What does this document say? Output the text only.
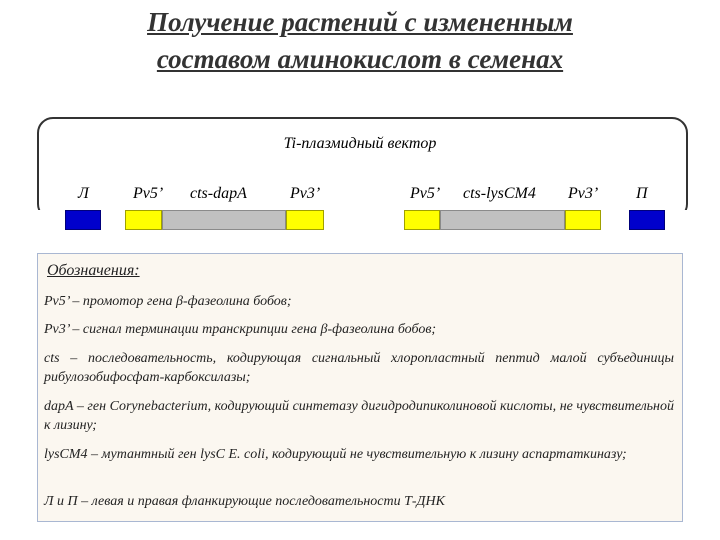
Получение растений с измененным
составом аминокислот в семенах
Ti-плазмидный вектор
Л	Pv5’ cts-dapA	Pv3’	Pv5’ cts-lysCM4 Pv3’ П
Обозначения:
Pv5’ – промотор гена β-фазеолина бобов;
Pv3’ – сигнал терминации транскрипции гена β-фазеолина бобов;
cts – последовательность, кодирующая сигнальный хлоропластный пептид малой субъединицы рибулозобифосфат-карбоксилазы;
dapA – ген Corynebacterium, кодирующий синтетазу дигидродипиколиновой кислоты, не чувствительной к лизину;
lysCM4 – мутантный ген lysC E. coli, кодирующий не чувствительную к лизину аспартаткиназу;
Л и П – левая и правая фланкирующие последовательности Т-ДНК
